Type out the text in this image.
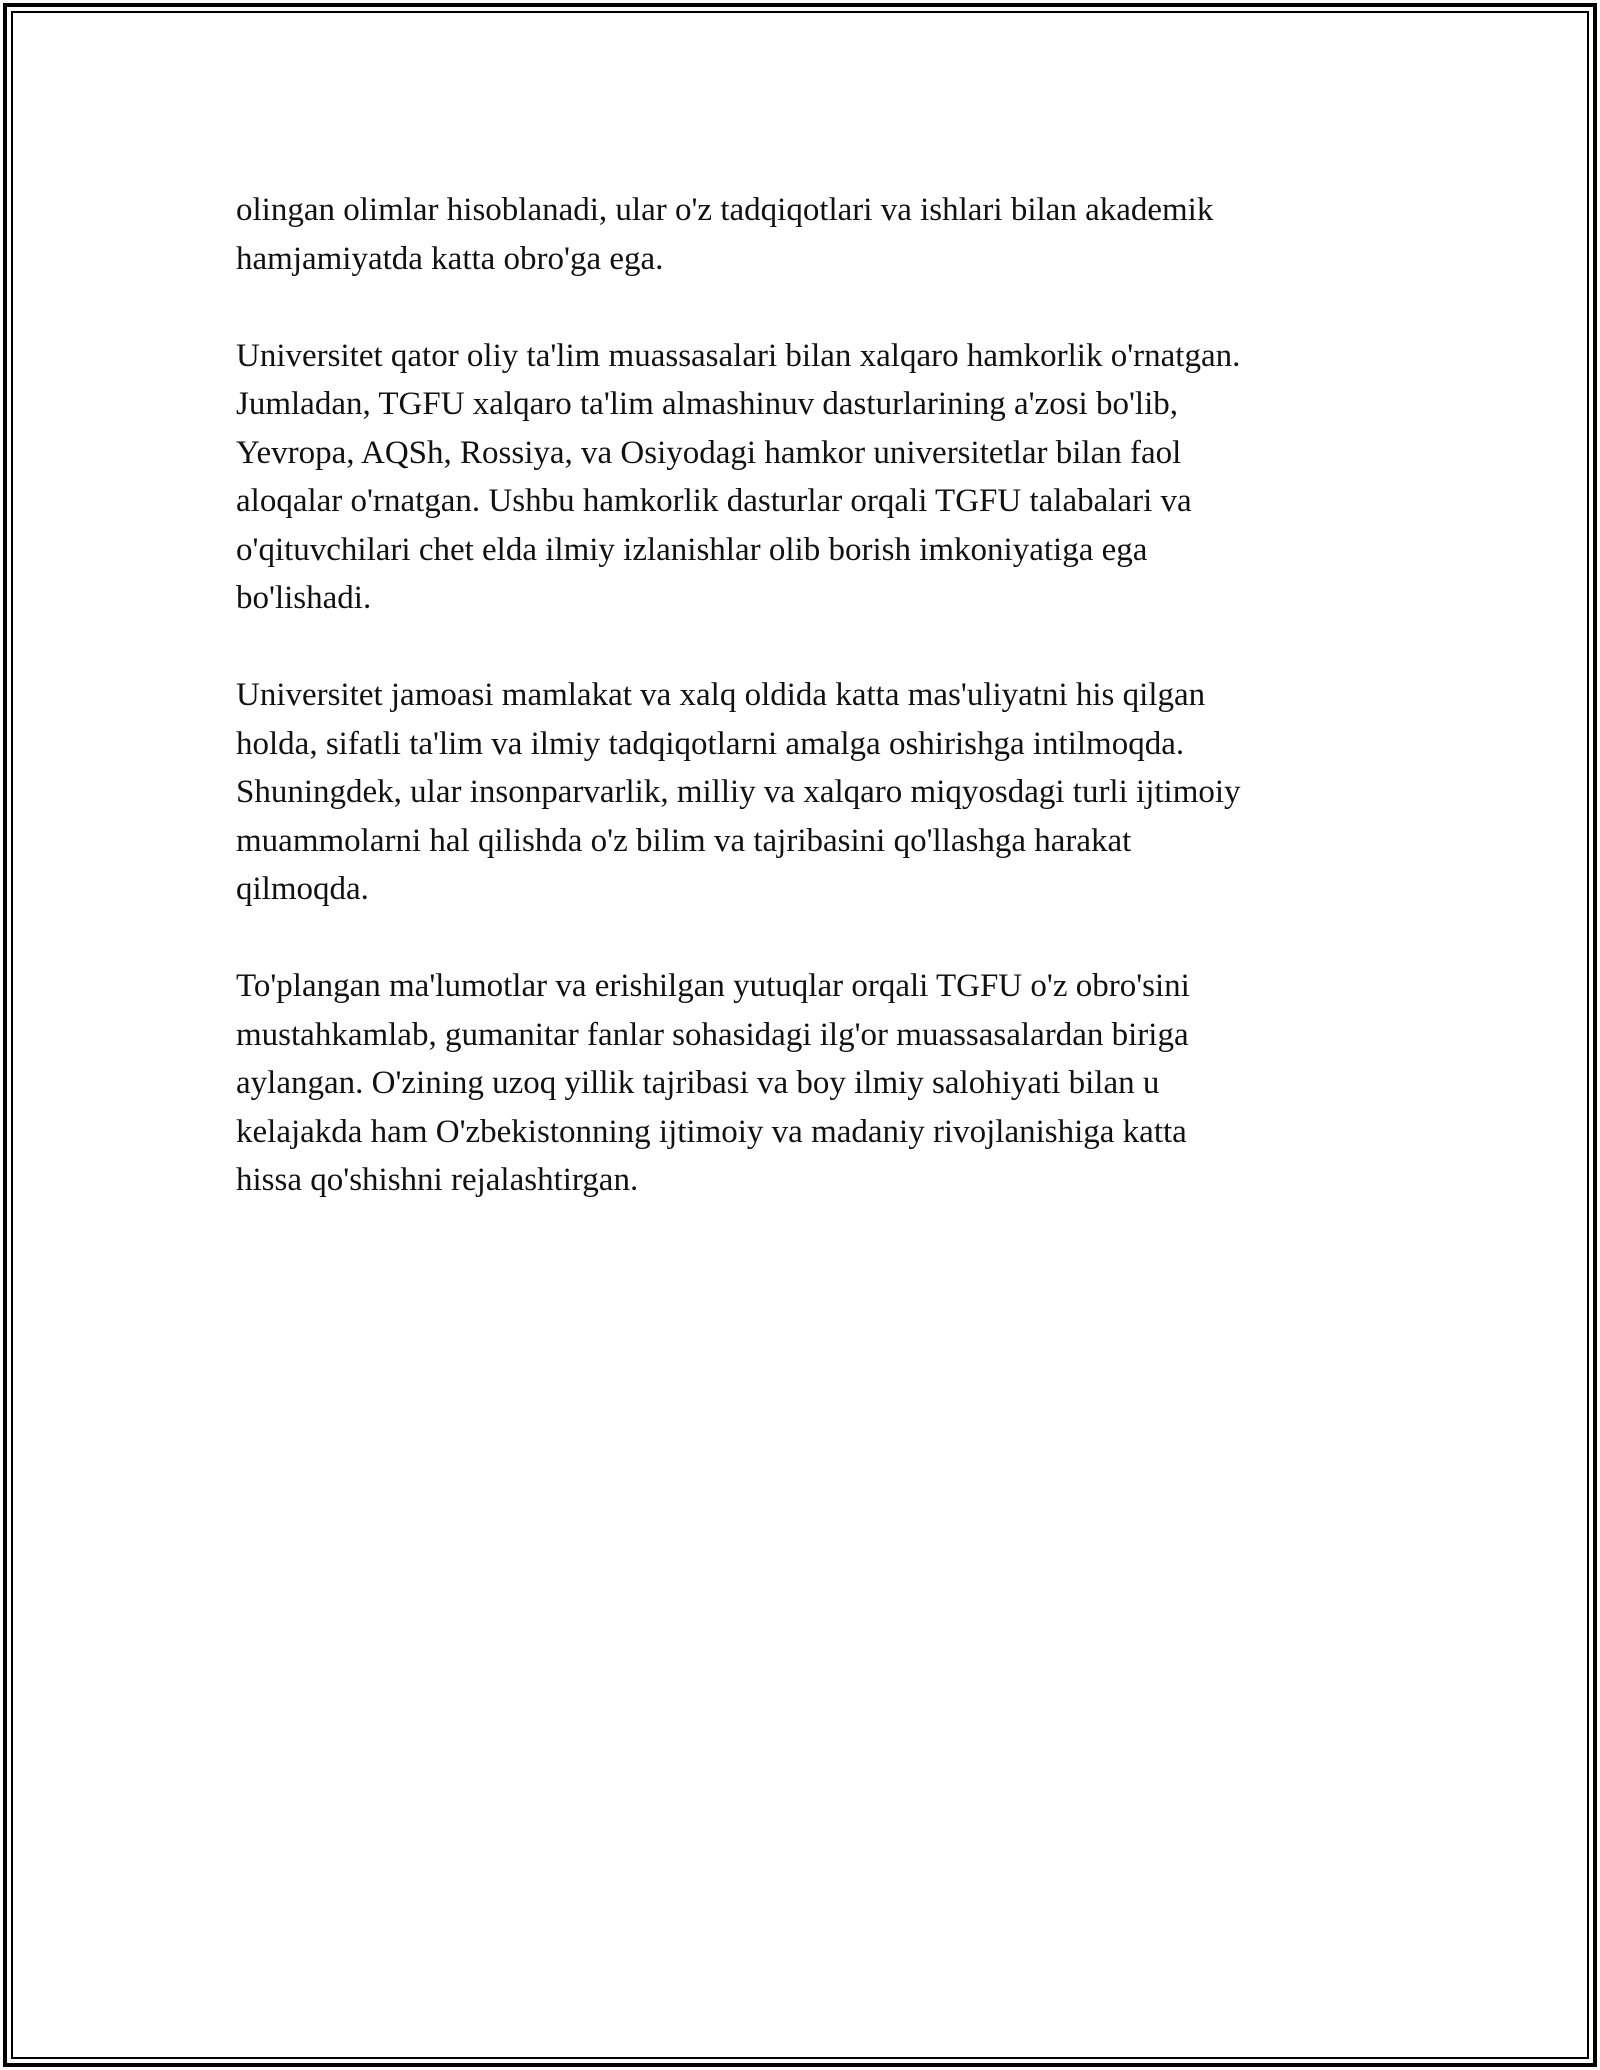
olingan olimlar hisoblanadi, ular o'z tadqiqotlari va ishlari bilan akademik
hamjamiyatda katta obro'ga ega.

Universitet qator oliy ta'lim muassasalari bilan xalqaro hamkorlik o'rnatgan.
Jumladan, TGFU xalqaro ta'lim almashinuv dasturlarining a'zosi bo'lib,
Yevropa, AQSh, Rossiya, va Osiyodagi hamkor universitetlar bilan faol
aloqalar o'rnatgan. Ushbu hamkorlik dasturlar orqali TGFU talabalari va
o'qituvchilari chet elda ilmiy izlanishlar olib borish imkoniyatiga ega
bo'lishadi.

Universitet jamoasi mamlakat va xalq oldida katta mas'uliyatni his qilgan
holda, sifatli ta'lim va ilmiy tadqiqotlarni amalga oshirishga intilmoqda.
Shuningdek, ular insonparvarlik, milliy va xalqaro miqyosdagi turli ijtimoiy
muammolarni hal qilishda o'z bilim va tajribasini qo'llashga harakat
qilmoqda.

To'plangan ma'lumotlar va erishilgan yutuqlar orqali TGFU o'z obro'sini
mustahkamlab, gumanitar fanlar sohasidagi ilg'or muassasalardan biriga
aylangan. O'zining uzoq yillik tajribasi va boy ilmiy salohiyati bilan u
kelajakda ham O'zbekistonning ijtimoiy va madaniy rivojlanishiga katta
hissa qo'shishni rejalashtirgan.
